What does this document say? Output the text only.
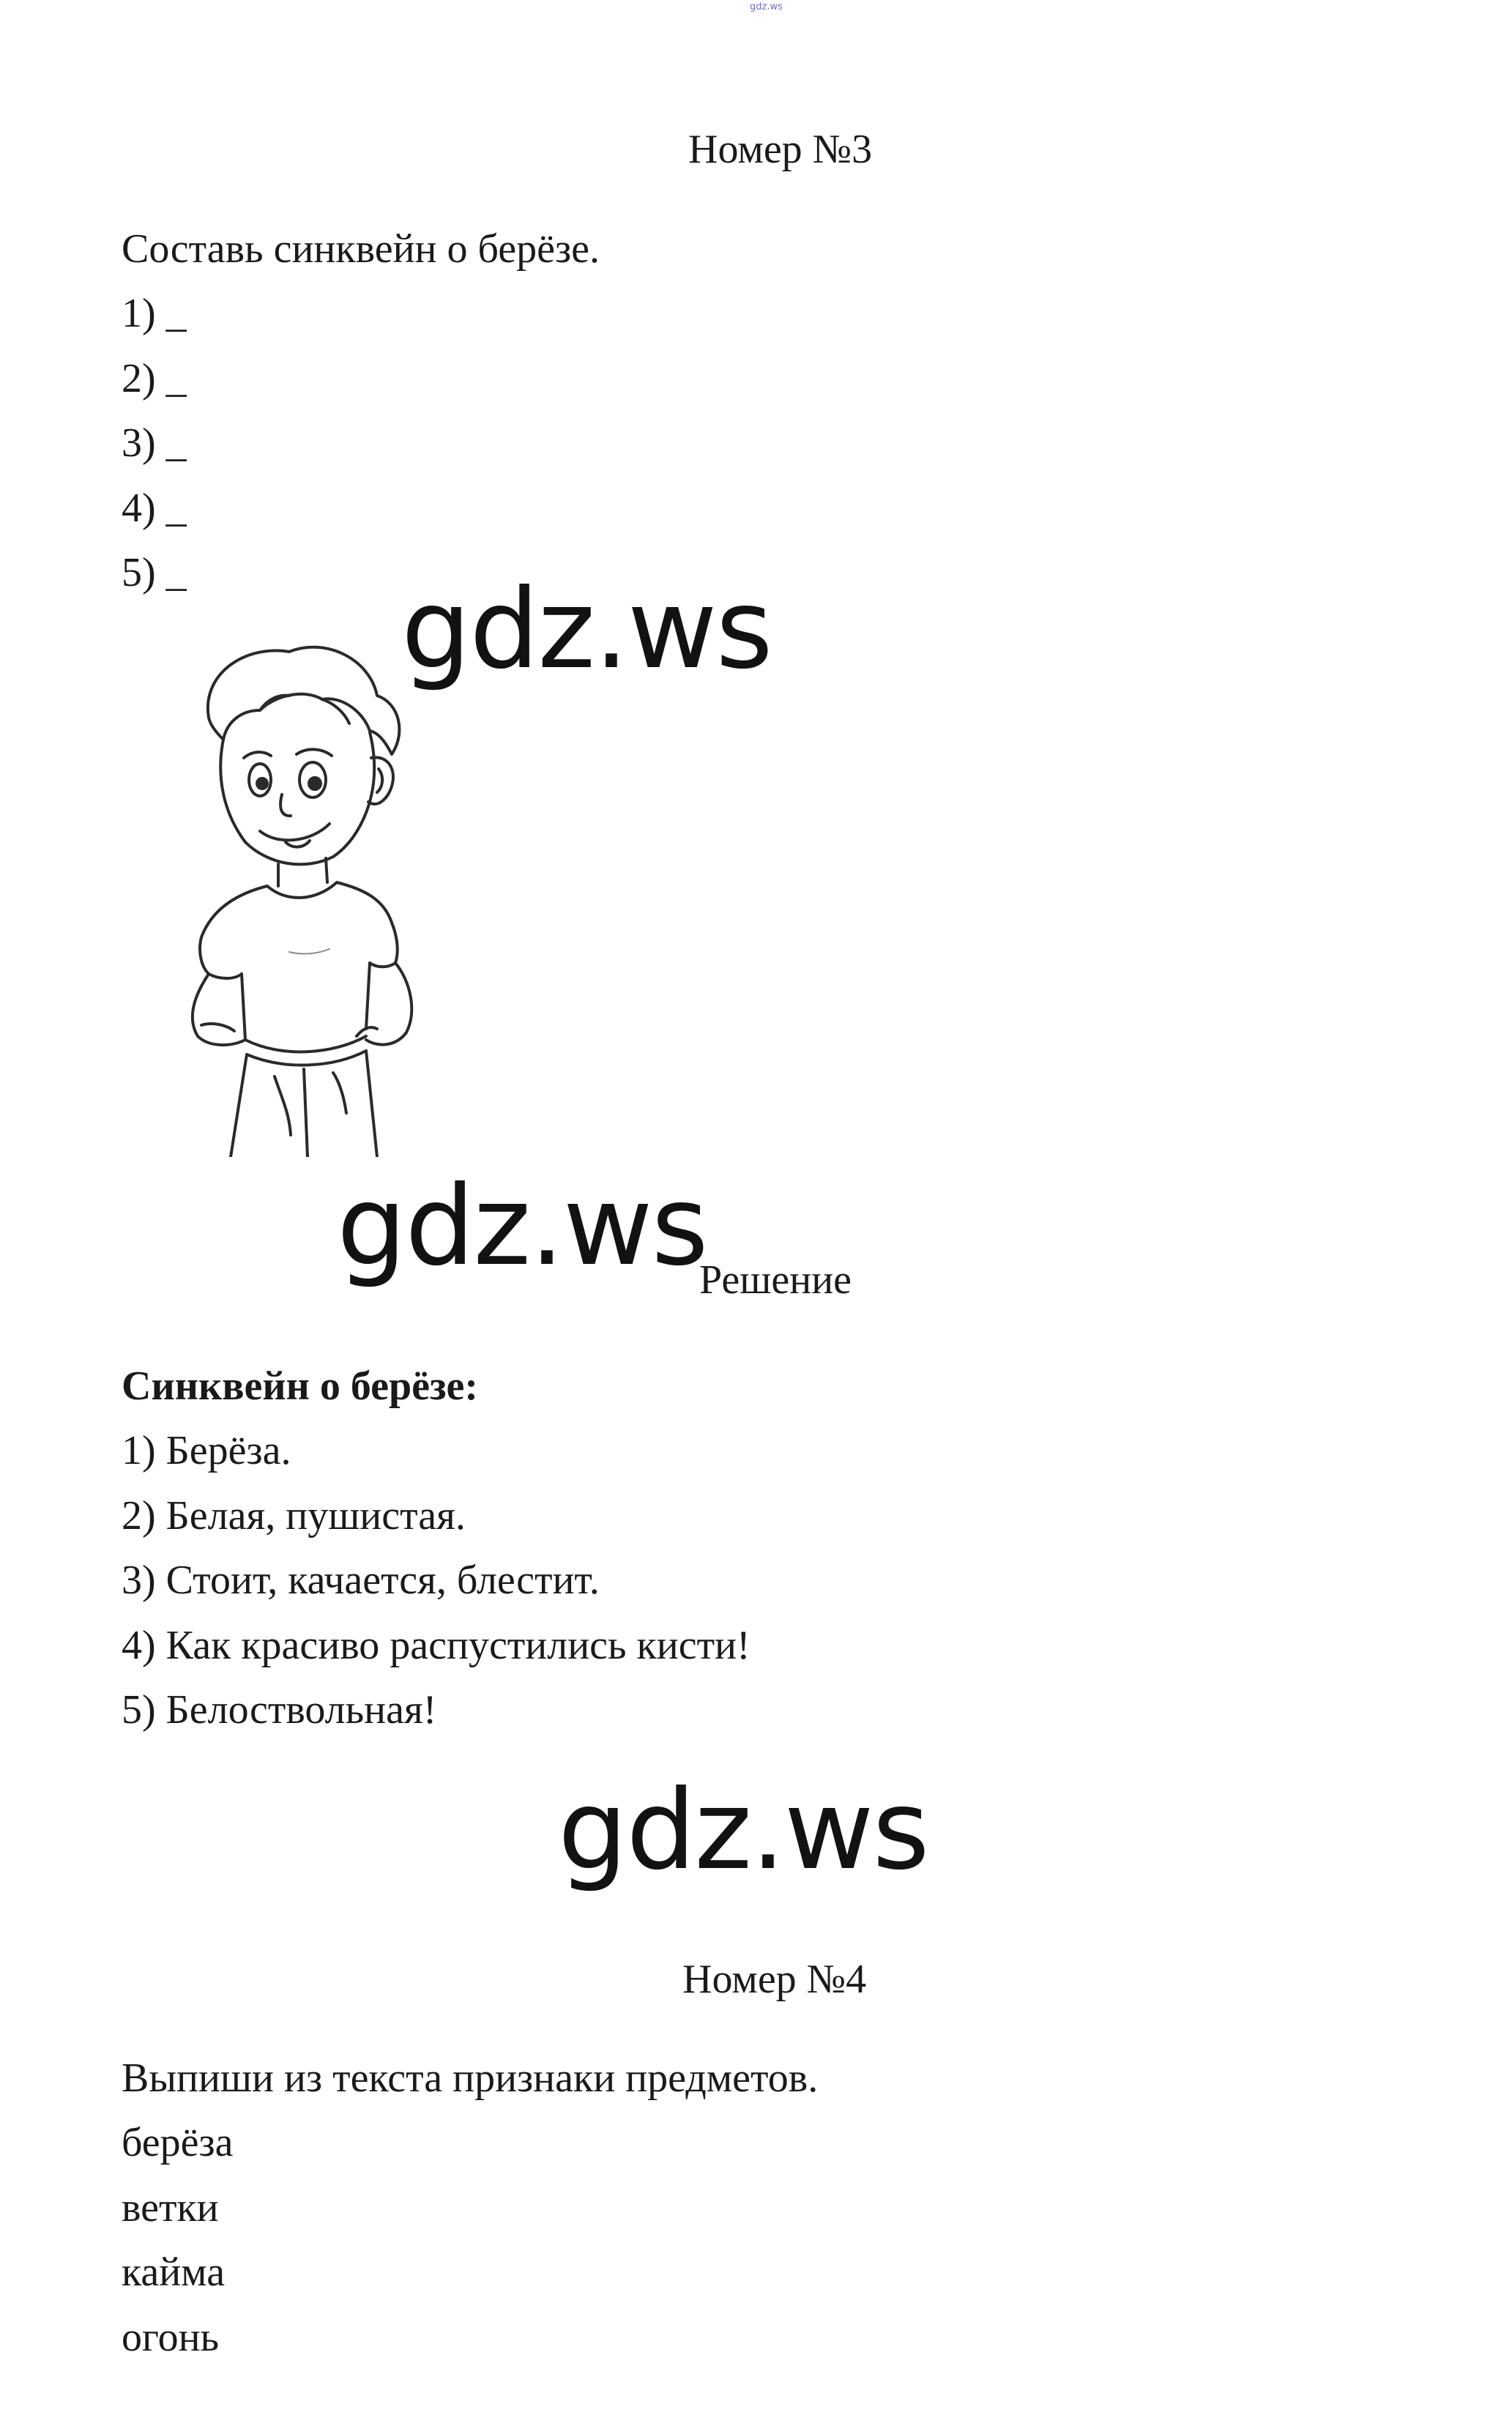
gdz.ws
Номер №3
Составь синквейн о берёзе.
1) _
2) _
3) _
4) _
5) _ gdz.ws
gdz.ws
Решение
Синквейн о берёзе:
1) Берёза.
2) Белая, пушистая.
3) Стоит, качается, блестит.
4) Как красиво распустились кисти!
5) Белоствольная!
gdz.ws
Номер №4
Выпиши из текста признаки предметов.
берёза
ветки
кайма
огонь
